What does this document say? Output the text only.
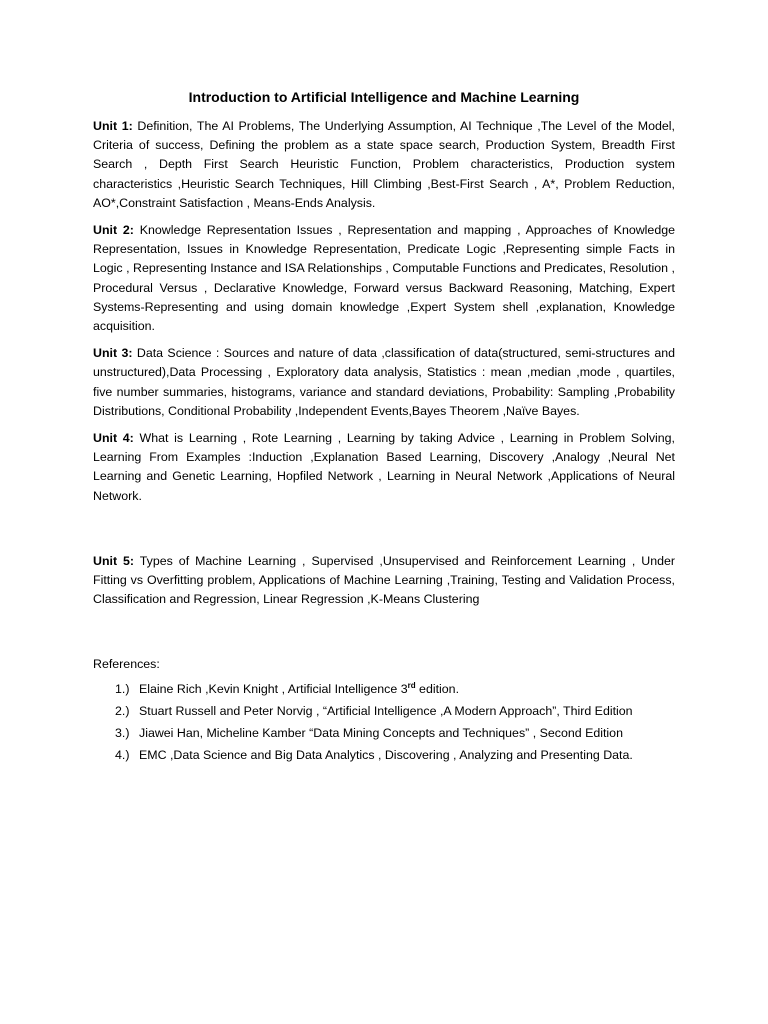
Introduction to Artificial Intelligence and Machine Learning

Unit 1: Definition, The AI Problems, The Underlying Assumption, AI Technique ,The Level of the Model, Criteria of success, Defining the problem as a state space search, Production System, Breadth First Search , Depth First Search Heuristic Function, Problem characteristics, Production system characteristics ,Heuristic Search Techniques, Hill Climbing ,Best-First Search , A*, Problem Reduction, AO*,Constraint Satisfaction , Means-Ends Analysis.

Unit 2: Knowledge Representation Issues , Representation and mapping , Approaches of Knowledge Representation, Issues in Knowledge Representation, Predicate Logic ,Representing simple Facts in Logic , Representing Instance and ISA Relationships , Computable Functions and Predicates, Resolution , Procedural Versus , Declarative Knowledge, Forward versus Backward Reasoning, Matching, Expert Systems-Representing and using domain knowledge ,Expert System shell ,explanation, Knowledge acquisition.

Unit 3: Data Science : Sources and nature of data ,classification of data(structured, semi-structures and unstructured),Data Processing , Exploratory data analysis, Statistics : mean ,median ,mode , quartiles, five number summaries, histograms, variance and standard deviations, Probability: Sampling ,Probability Distributions, Conditional Probability ,Independent Events,Bayes Theorem ,Naïve Bayes.

Unit 4: What is Learning , Rote Learning , Learning by taking Advice , Learning in Problem Solving, Learning From Examples :Induction ,Explanation Based Learning, Discovery ,Analogy ,Neural Net Learning and Genetic Learning, Hopfiled Network , Learning in Neural Network ,Applications of Neural Network.

Unit 5: Types of Machine Learning , Supervised ,Unsupervised and Reinforcement Learning , Under Fitting vs Overfitting problem, Applications of Machine Learning ,Training, Testing and Validation Process, Classification and Regression, Linear Regression ,K-Means Clustering

References:
1.) Elaine Rich ,Kevin Knight , Artificial Intelligence 3rd edition.
2.) Stuart Russell and Peter Norvig , “Artificial Intelligence ,A Modern Approach”, Third Edition
3.) Jiawei Han, Micheline Kamber “Data Mining Concepts and Techniques” , Second Edition
4.) EMC ,Data Science and Big Data Analytics , Discovering , Analyzing and Presenting Data.
